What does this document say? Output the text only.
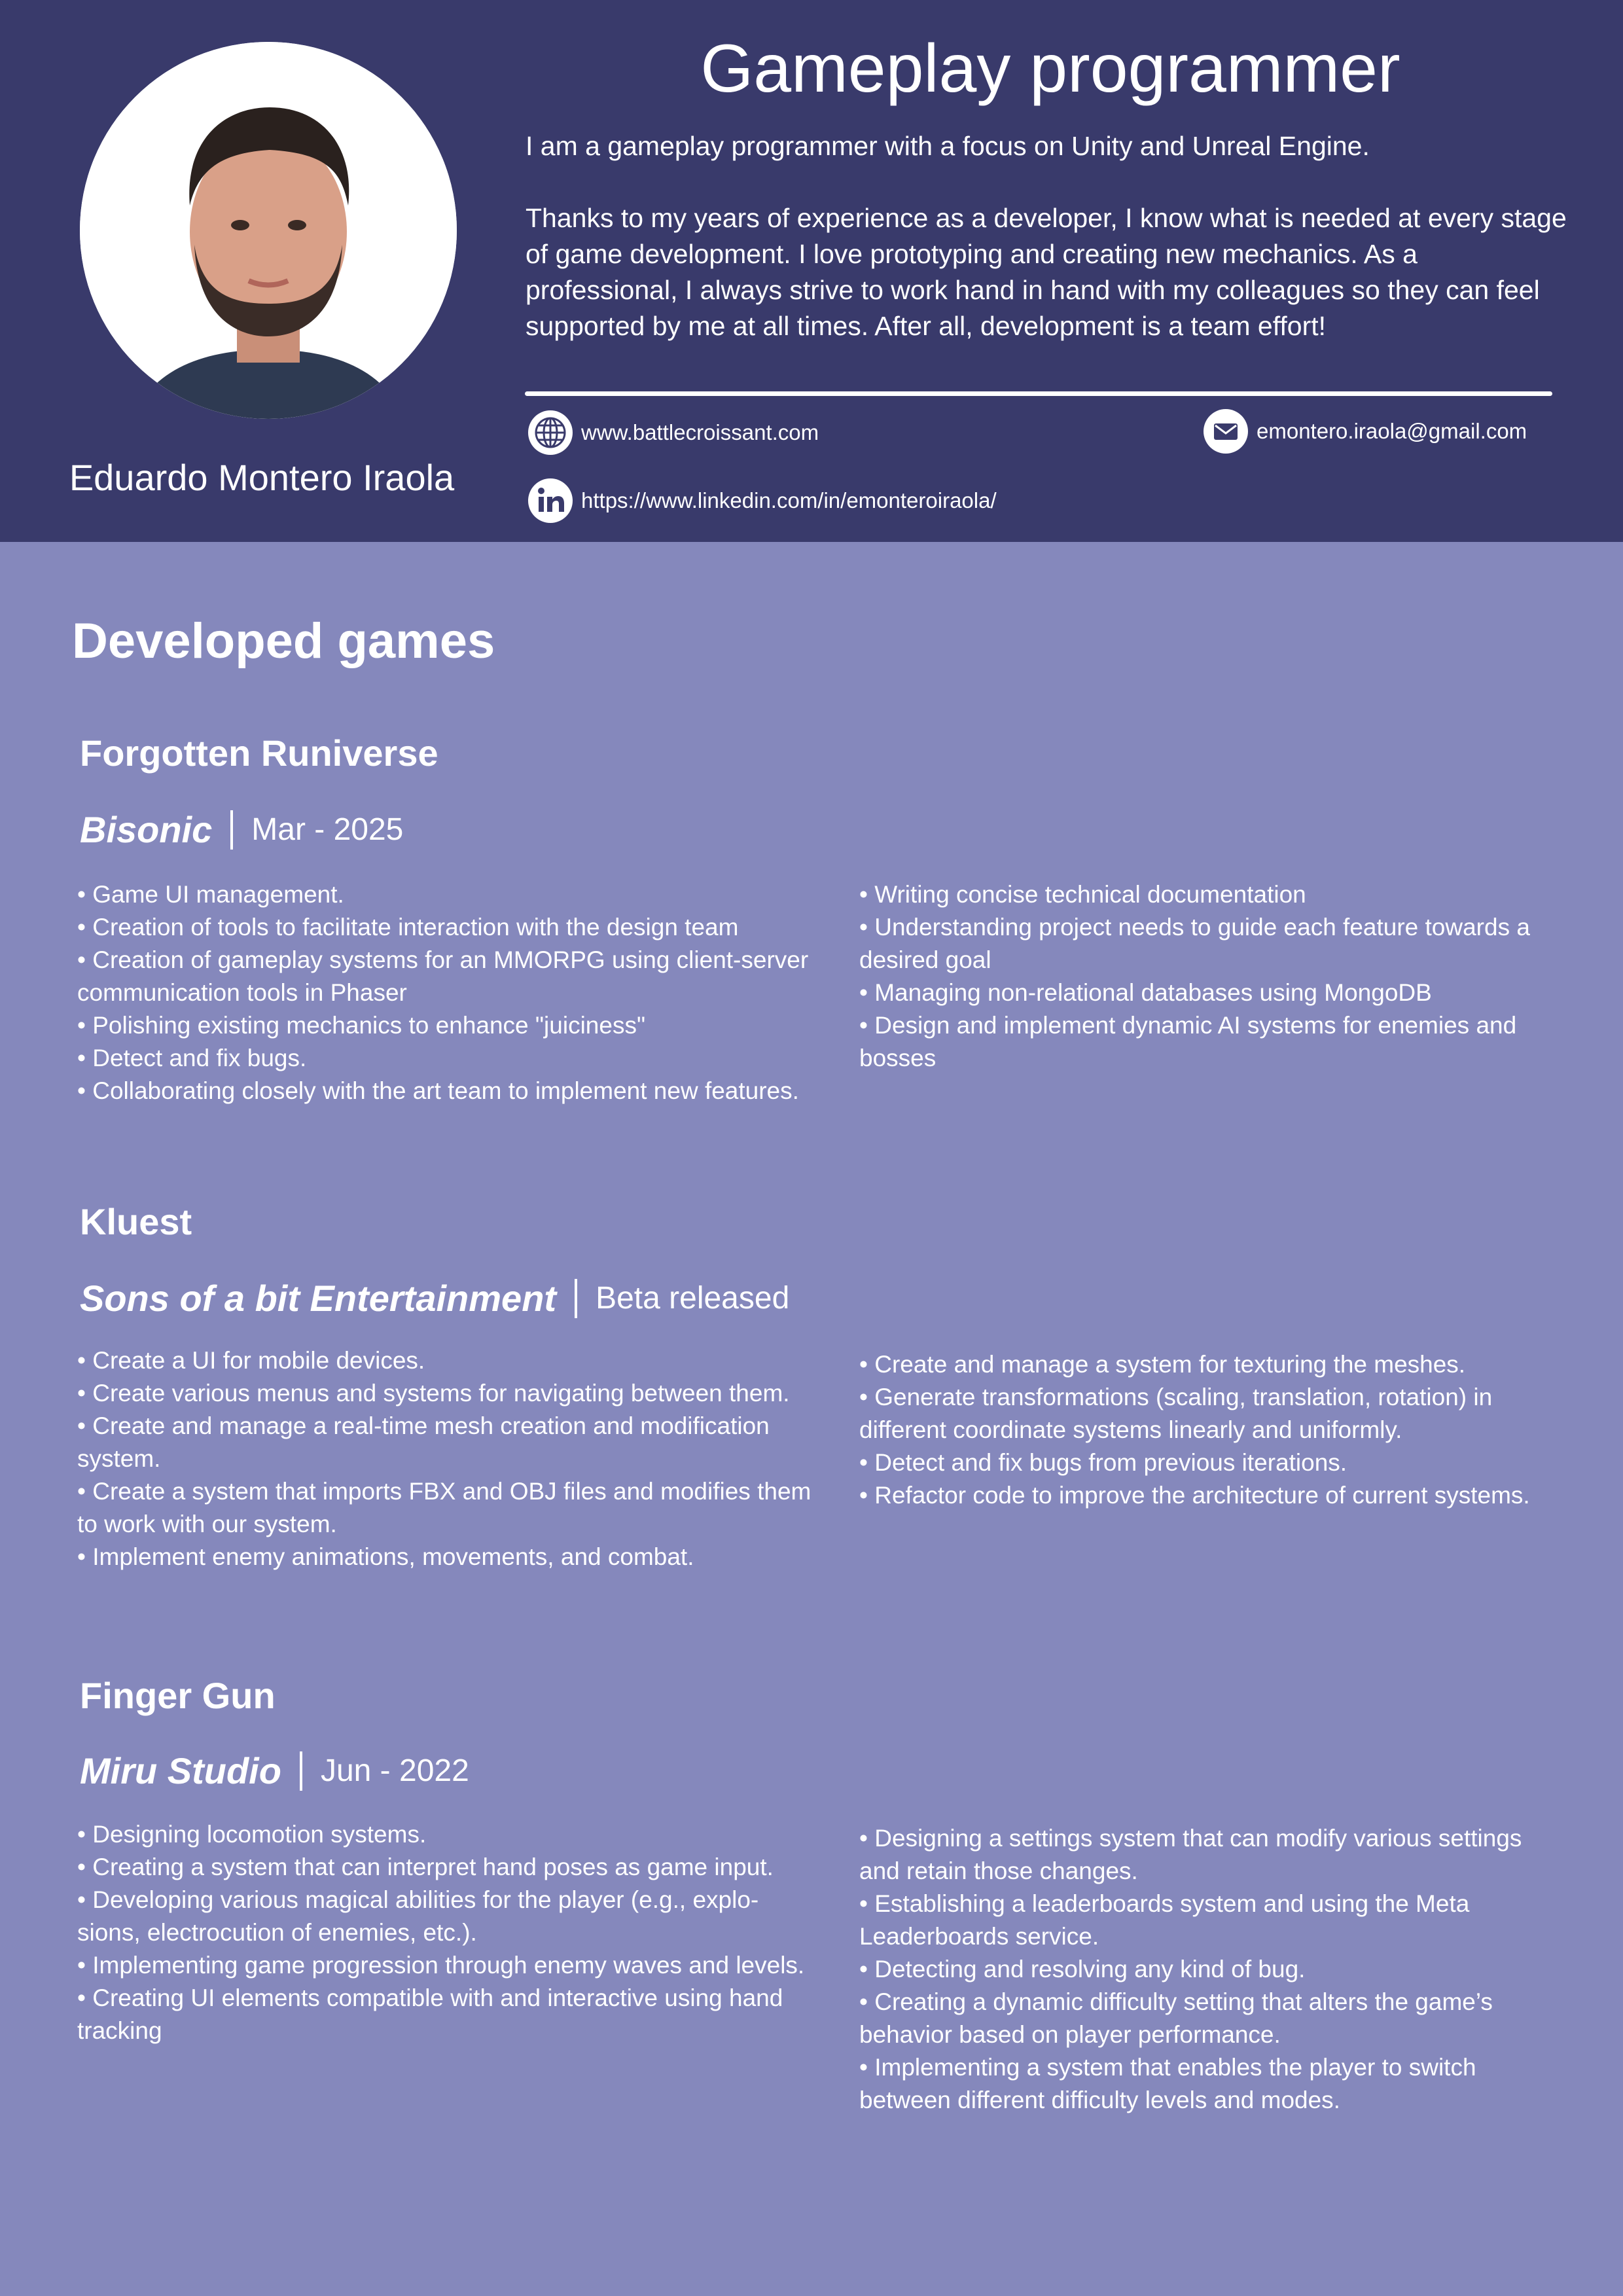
Eduardo Montero Iraola
Gameplay programmer

I am a gameplay programmer with a focus on Unity and Unreal Engine.

Thanks to my years of experience as a developer, I know what is needed at every stage of game development. I love prototyping and creating new mechanics. As a professional, I always strive to work hand in hand with my colleagues so they can feel supported by me at all times. After all, development is a team effort!

www.battlecroissant.com	emontero.iraola@gmail.com
https://www.linkedin.com/in/emonteroiraola/
Developed games
Forgotten Runiverse
Bisonic Mar - 2025
• Game UI management.
• Creation of tools to facilitate interaction with the design team
• Creation of gameplay systems for an MMORPG using client-server communication tools in Phaser
• Polishing existing mechanics to enhance "juiciness"
• Detect and fix bugs.
• Collaborating closely with the art team to implement new features.
• Writing concise technical documentation
• Understanding project needs to guide each feature towards a desired goal
• Managing non-relational databases using MongoDB
• Design and implement dynamic AI systems for enemies and bosses
Kluest
Sons of a bit Entertainment Beta released
• Create a UI for mobile devices.
• Create various menus and systems for navigating between them.
• Create and manage a real-time mesh creation and modification system.
• Create a system that imports FBX and OBJ files and modifies them to work with our system.
• Implement enemy animations, movements, and combat.
• Create and manage a system for texturing the meshes.
• Generate transformations (scaling, translation, rotation) in different coordinate systems linearly and uniformly.
• Detect and fix bugs from previous iterations.
• Refactor code to improve the architecture of current systems.
Finger Gun
Miru Studio Jun - 2022
• Designing locomotion systems.
• Creating a system that can interpret hand poses as game input.
• Developing various magical abilities for the player (e.g., explo-sions, electrocution of enemies, etc.).
• Implementing game progression through enemy waves and levels.
• Creating UI elements compatible with and interactive using hand tracking
• Designing a settings system that can modify various settings and retain those changes.
• Establishing a leaderboards system and using the Meta Leaderboards service.
• Detecting and resolving any kind of bug.
• Creating a dynamic difficulty setting that alters the game’s behavior based on player performance.
• Implementing a system that enables the player to switch between different difficulty levels and modes.
